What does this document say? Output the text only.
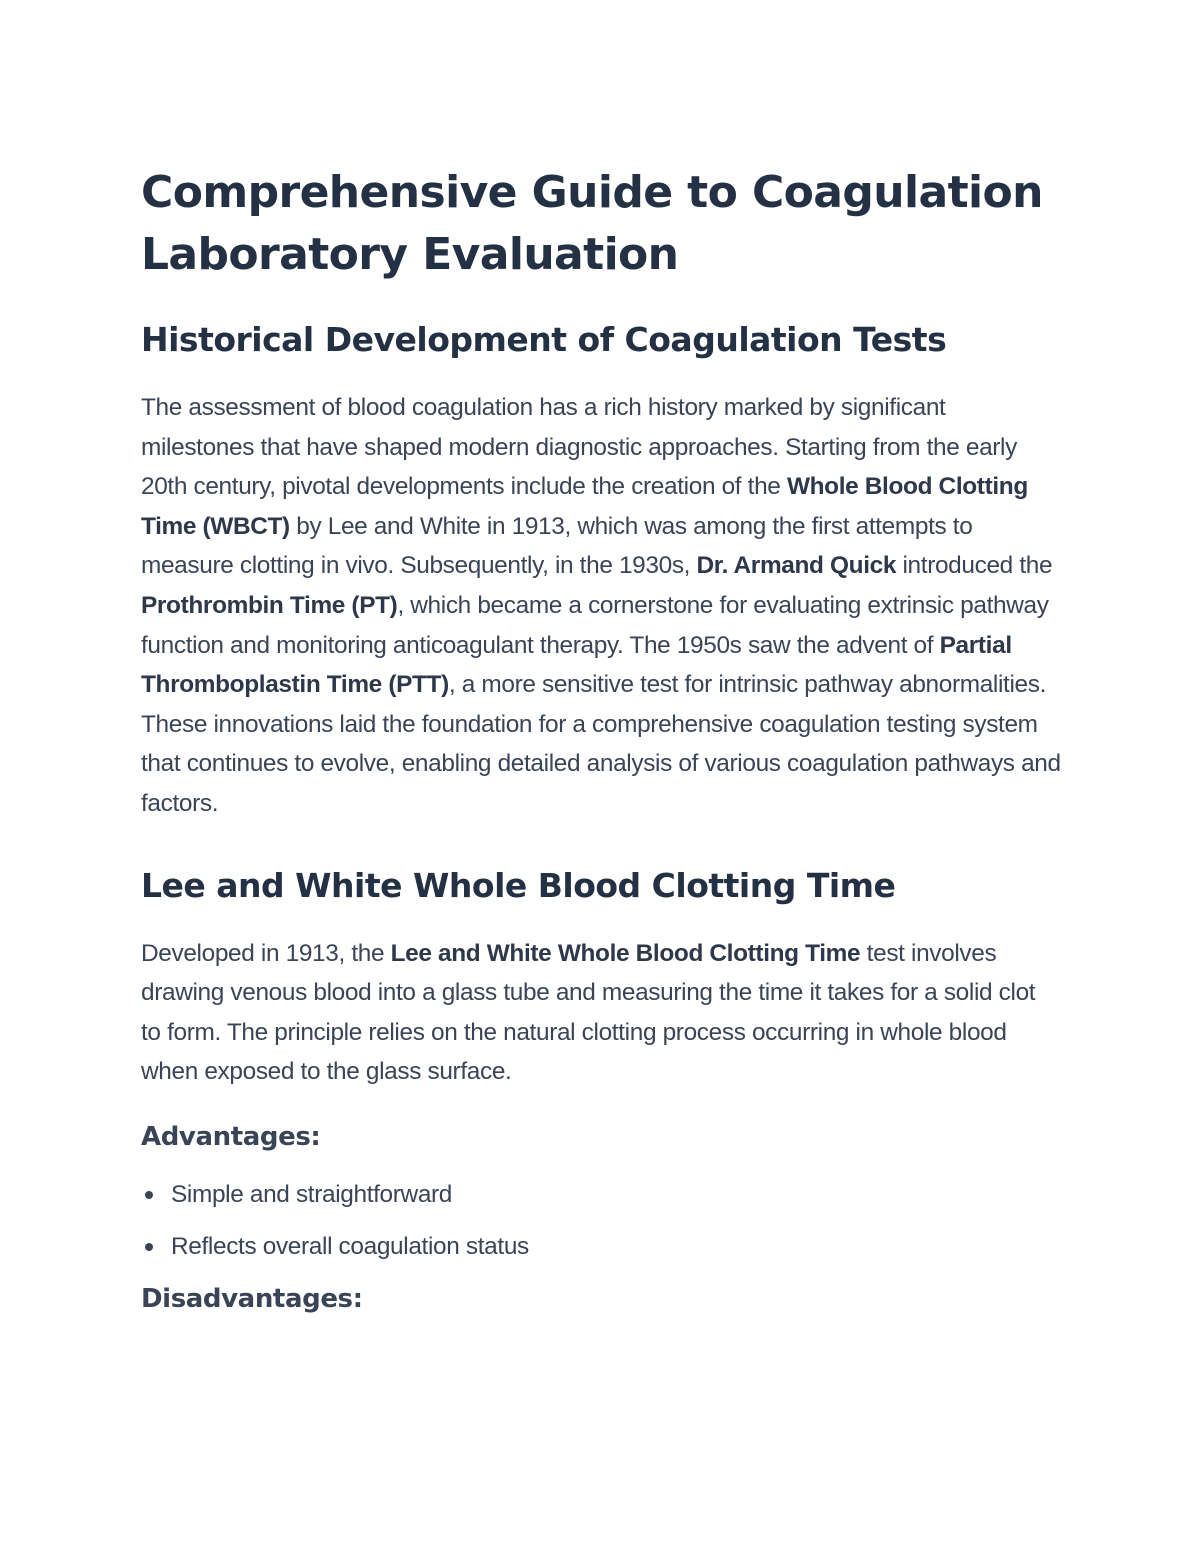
Comprehensive Guide to Coagulation Laboratory Evaluation
Historical Development of Coagulation Tests

The assessment of blood coagulation has a rich history marked by significant milestones that have shaped modern diagnostic approaches. Starting from the early 20th century, pivotal developments include the creation of the Whole Blood Clotting Time (WBCT) by Lee and White in 1913, which was among the first attempts to measure clotting in vivo. Subsequently, in the 1930s, Dr. Armand Quick introduced the Prothrombin Time (PT), which became a cornerstone for evaluating extrinsic pathway function and monitoring anticoagulant therapy. The 1950s saw the advent of Partial Thromboplastin Time (PTT), a more sensitive test for intrinsic pathway abnormalities. These innovations laid the foundation for a comprehensive coagulation testing system that continues to evolve, enabling detailed analysis of various coagulation pathways and factors.

Lee and White Whole Blood Clotting Time

Developed in 1913, the Lee and White Whole Blood Clotting Time test involves drawing venous blood into a glass tube and measuring the time it takes for a solid clot to form. The principle relies on the natural clotting process occurring in whole blood when exposed to the glass surface.

Advantages:
Simple and straightforward
Reflects overall coagulation status
Disadvantages:
